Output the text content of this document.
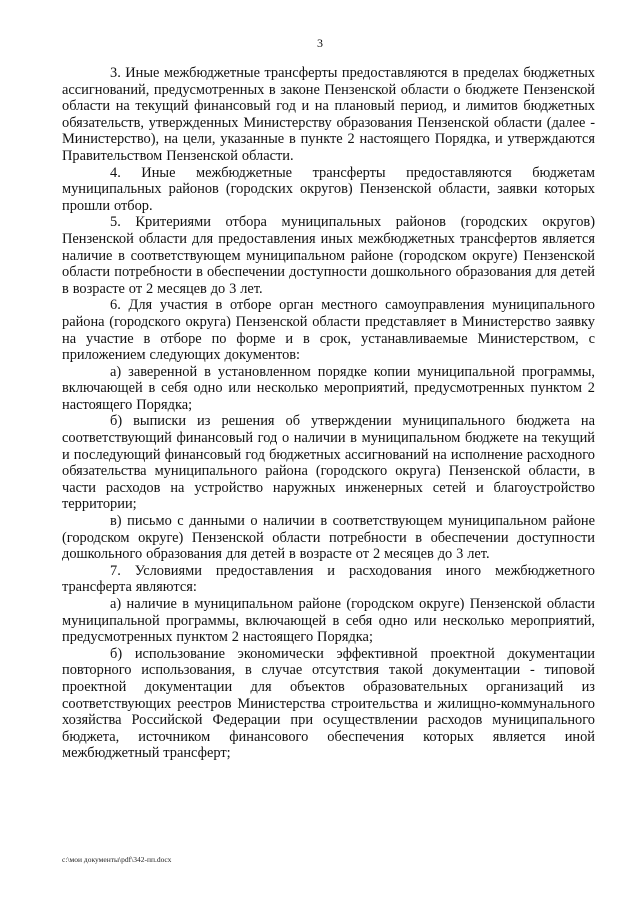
3

3. Иные межбюджетные трансферты предоставляются в пределах бюджетных ассигнований, предусмотренных в законе Пензенской области о бюджете Пензенской области на текущий финансовый год и на плановый период, и лимитов бюджетных обязательств, утвержденных Министерству образования Пензенской области (далее - Министерство), на цели, указанные в пункте 2 настоящего Порядка, и утверждаются Правительством Пензенской области.

4. Иные межбюджетные трансферты предоставляются бюджетам муниципальных районов (городских округов) Пензенской области, заявки которых прошли отбор.

5. Критериями отбора муниципальных районов (городских округов) Пензенской области для предоставления иных межбюджетных трансфертов является наличие в соответствующем муниципальном районе (городском округе) Пензенской области потребности в обеспечении доступности дошкольного образования для детей в возрасте от 2 месяцев до 3 лет.

6. Для участия в отборе орган местного самоуправления муниципального района (городского округа) Пензенской области представляет в Министерство заявку на участие в отборе по форме и в срок, устанавливаемые Министерством, с приложением следующих документов:

а) заверенной в установленном порядке копии муниципальной программы, включающей в себя одно или несколько мероприятий, предусмотренных пунктом 2 настоящего Порядка;

б) выписки из решения об утверждении муниципального бюджета на соответствующий финансовый год о наличии в муниципальном бюджете на текущий и последующий финансовый год бюджетных ассигнований на исполнение расходного обязательства муниципального района (городского округа) Пензенской области, в части расходов на устройство наружных инженерных сетей и благоустройство территории;

в) письмо с данными о наличии в соответствующем муниципальном районе (городском округе) Пензенской области потребности в обеспечении доступности дошкольного образования для детей в возрасте от 2 месяцев до 3 лет.

7. Условиями предоставления и расходования иного межбюджетного трансферта являются:

а) наличие в муниципальном районе (городском округе) Пензенской области муниципальной программы, включающей в себя одно или несколько мероприятий, предусмотренных пунктом 2 настоящего Порядка;

б) использование экономически эффективной проектной документации повторного использования, в случае отсутствия такой документации - типовой проектной документации для объектов образовательных организаций из соответствующих реестров Министерства строительства и жилищно-коммунального хозяйства Российской Федерации при осуществлении расходов муниципального бюджета, источником финансового обеспечения которых является иной межбюджетный трансферт;

c:\мои документы\pdf\342-пп.docx
